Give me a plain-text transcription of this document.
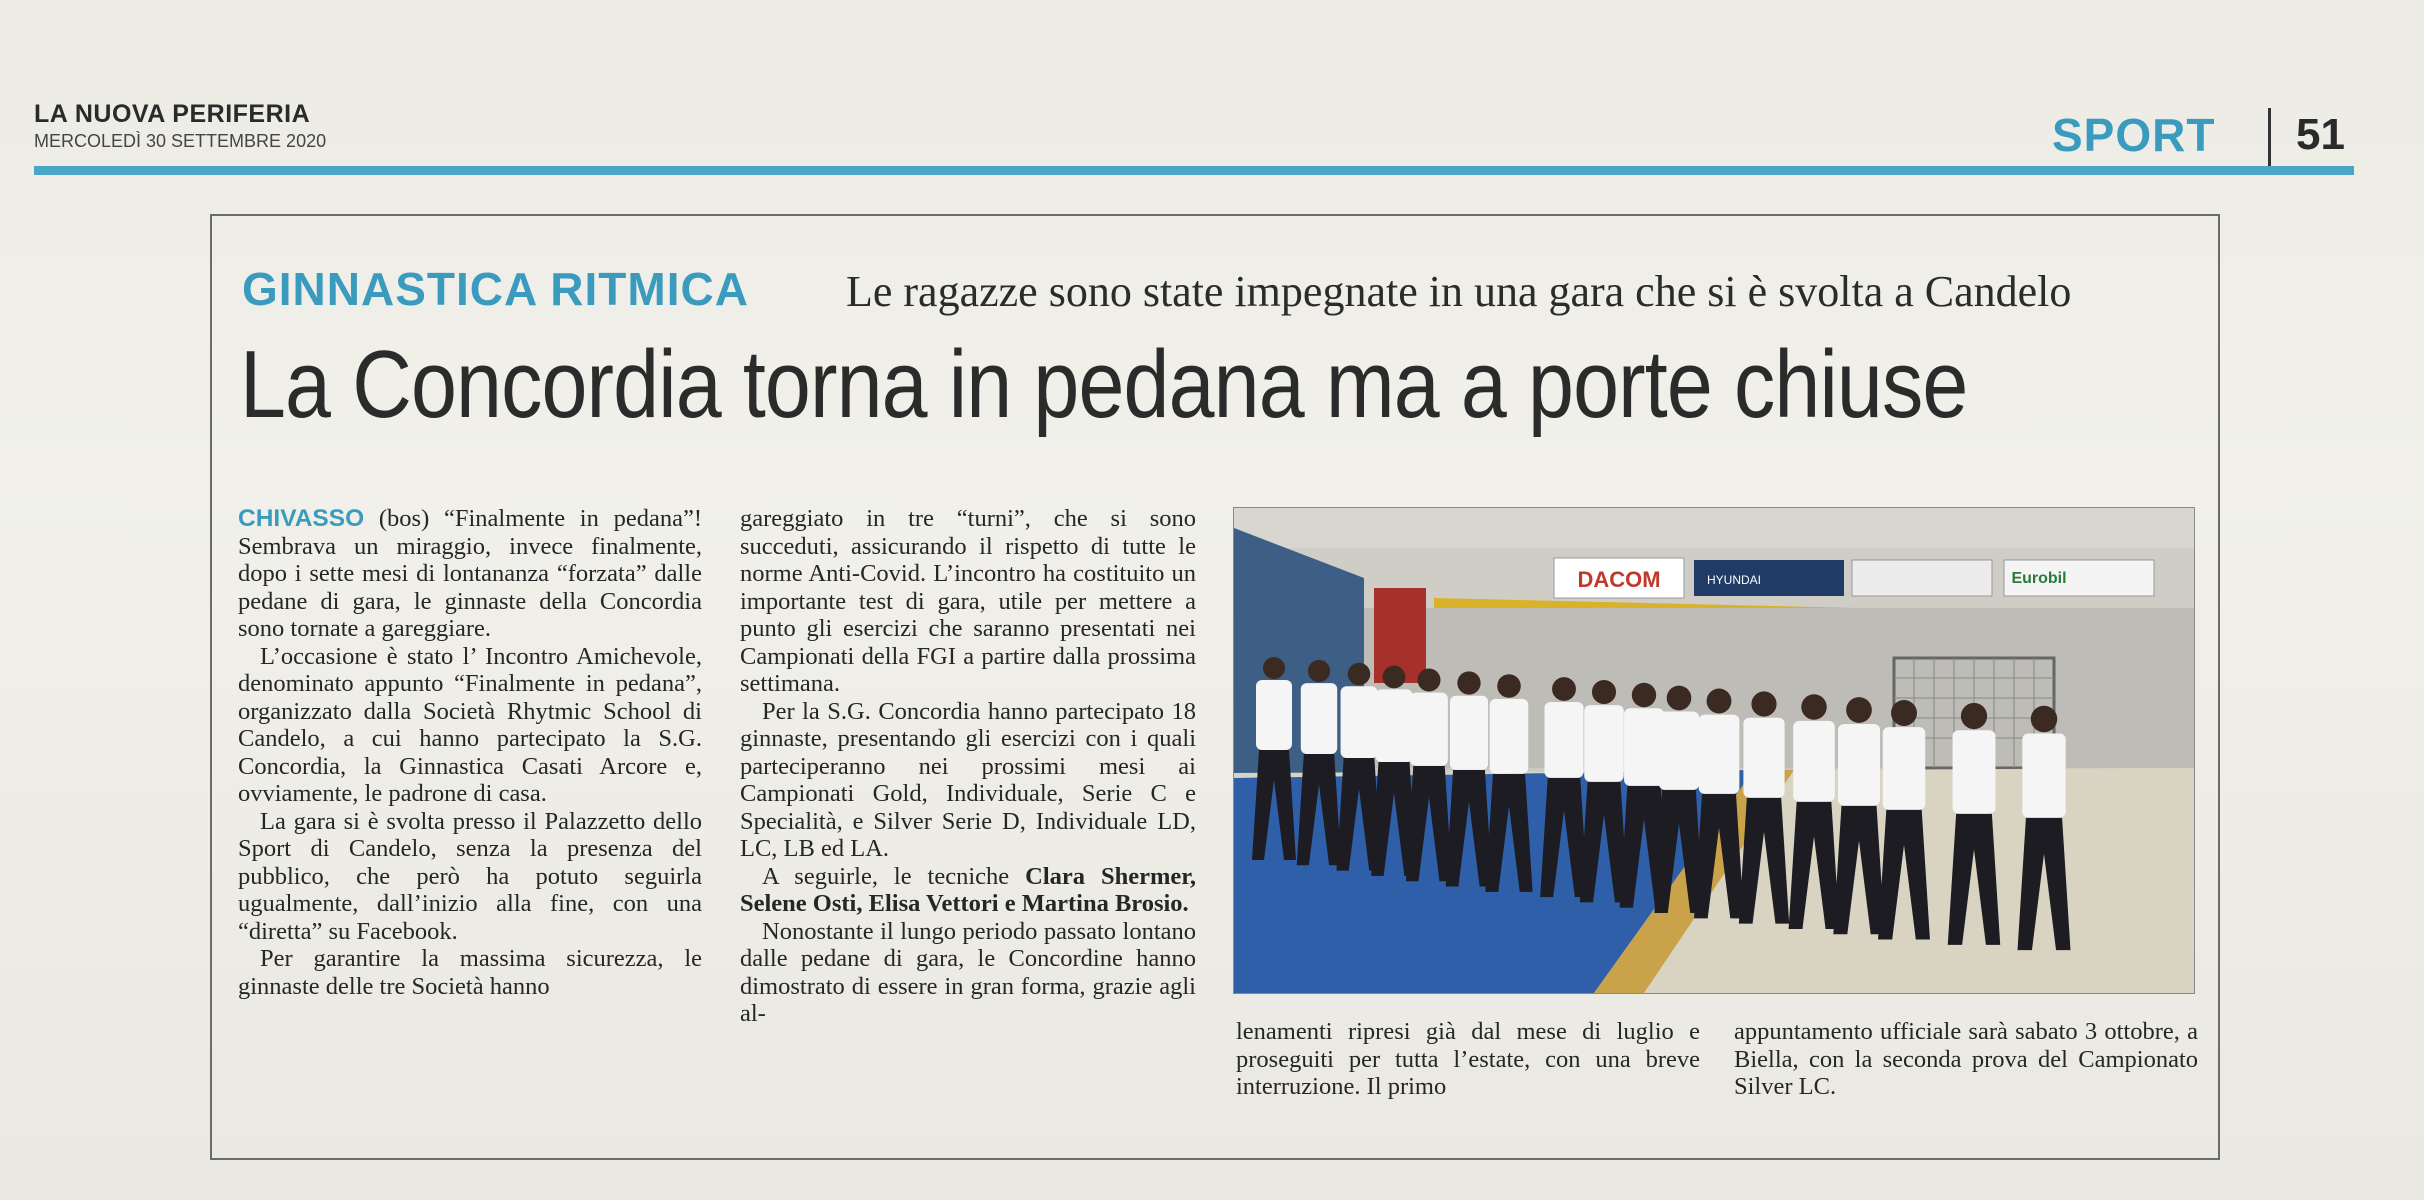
LA NUOVA PERIFERIA
MERCOLEDÌ 30 SETTEMBRE 2020	SPORT 51
GINNASTICA RITMICA Le ragazze sono state impegnate in una gara che si è svolta a Candelo
La Concordia torna in pedana ma a porte chiuse

CHIVASSO (bos) “Finalmente in pedana”! Sembrava un miraggio, invece finalmente, dopo i sette mesi di lontananza “forzata” dalle pedane di gara, le ginnaste della Concordia sono tornate a gareggiare.

L’occasione è stato l’ Incontro Amichevole, denominato appunto “Finalmente in pedana”, organizzato dalla Società Rhytmic School di Candelo, a cui hanno partecipato la S.G. Concordia, la Ginnastica Casati Arcore e, ovviamente, le padrone di casa.

La gara si è svolta presso il Palazzetto dello Sport di Candelo, senza la presenza del pubblico, che però ha potuto seguirla ugualmente, dall’inizio alla fine, con una “diretta” su Facebook.

Per garantire la massima sicurezza, le ginnaste delle tre Società hanno

gareggiato in tre “turni”, che si sono succeduti, assicurando il rispetto di tutte le norme Anti-Covid. L’incontro ha costituito un importante test di gara, utile per mettere a punto gli esercizi che saranno presentati nei Campionati della FGI a partire dalla prossima settimana.

Per la S.G. Concordia hanno partecipato 18 ginnaste, presentando gli esercizi con i quali parteciperanno nei prossimi mesi ai Campionati Gold, Individuale, Serie C e Specialità, e Silver Serie D, Individuale LD, LC, LB ed LA.

A seguirle, le tecniche Clara Shermer, Selene Osti, Elisa Vettori e Martina Brosio.

Nonostante il lungo periodo passato lontano dalle pedane di gara, le Concordine hanno dimostrato di essere in gran forma, grazie agli al-

lenamenti ripresi già dal mese di luglio e proseguiti per tutta l’estate, con una breve interruzione. Il primo

appuntamento ufficiale sarà sabato 3 ottobre, a Biella, con la seconda prova del Campionato Silver LC.

DACOM	HYUNDAI	Eurobil
